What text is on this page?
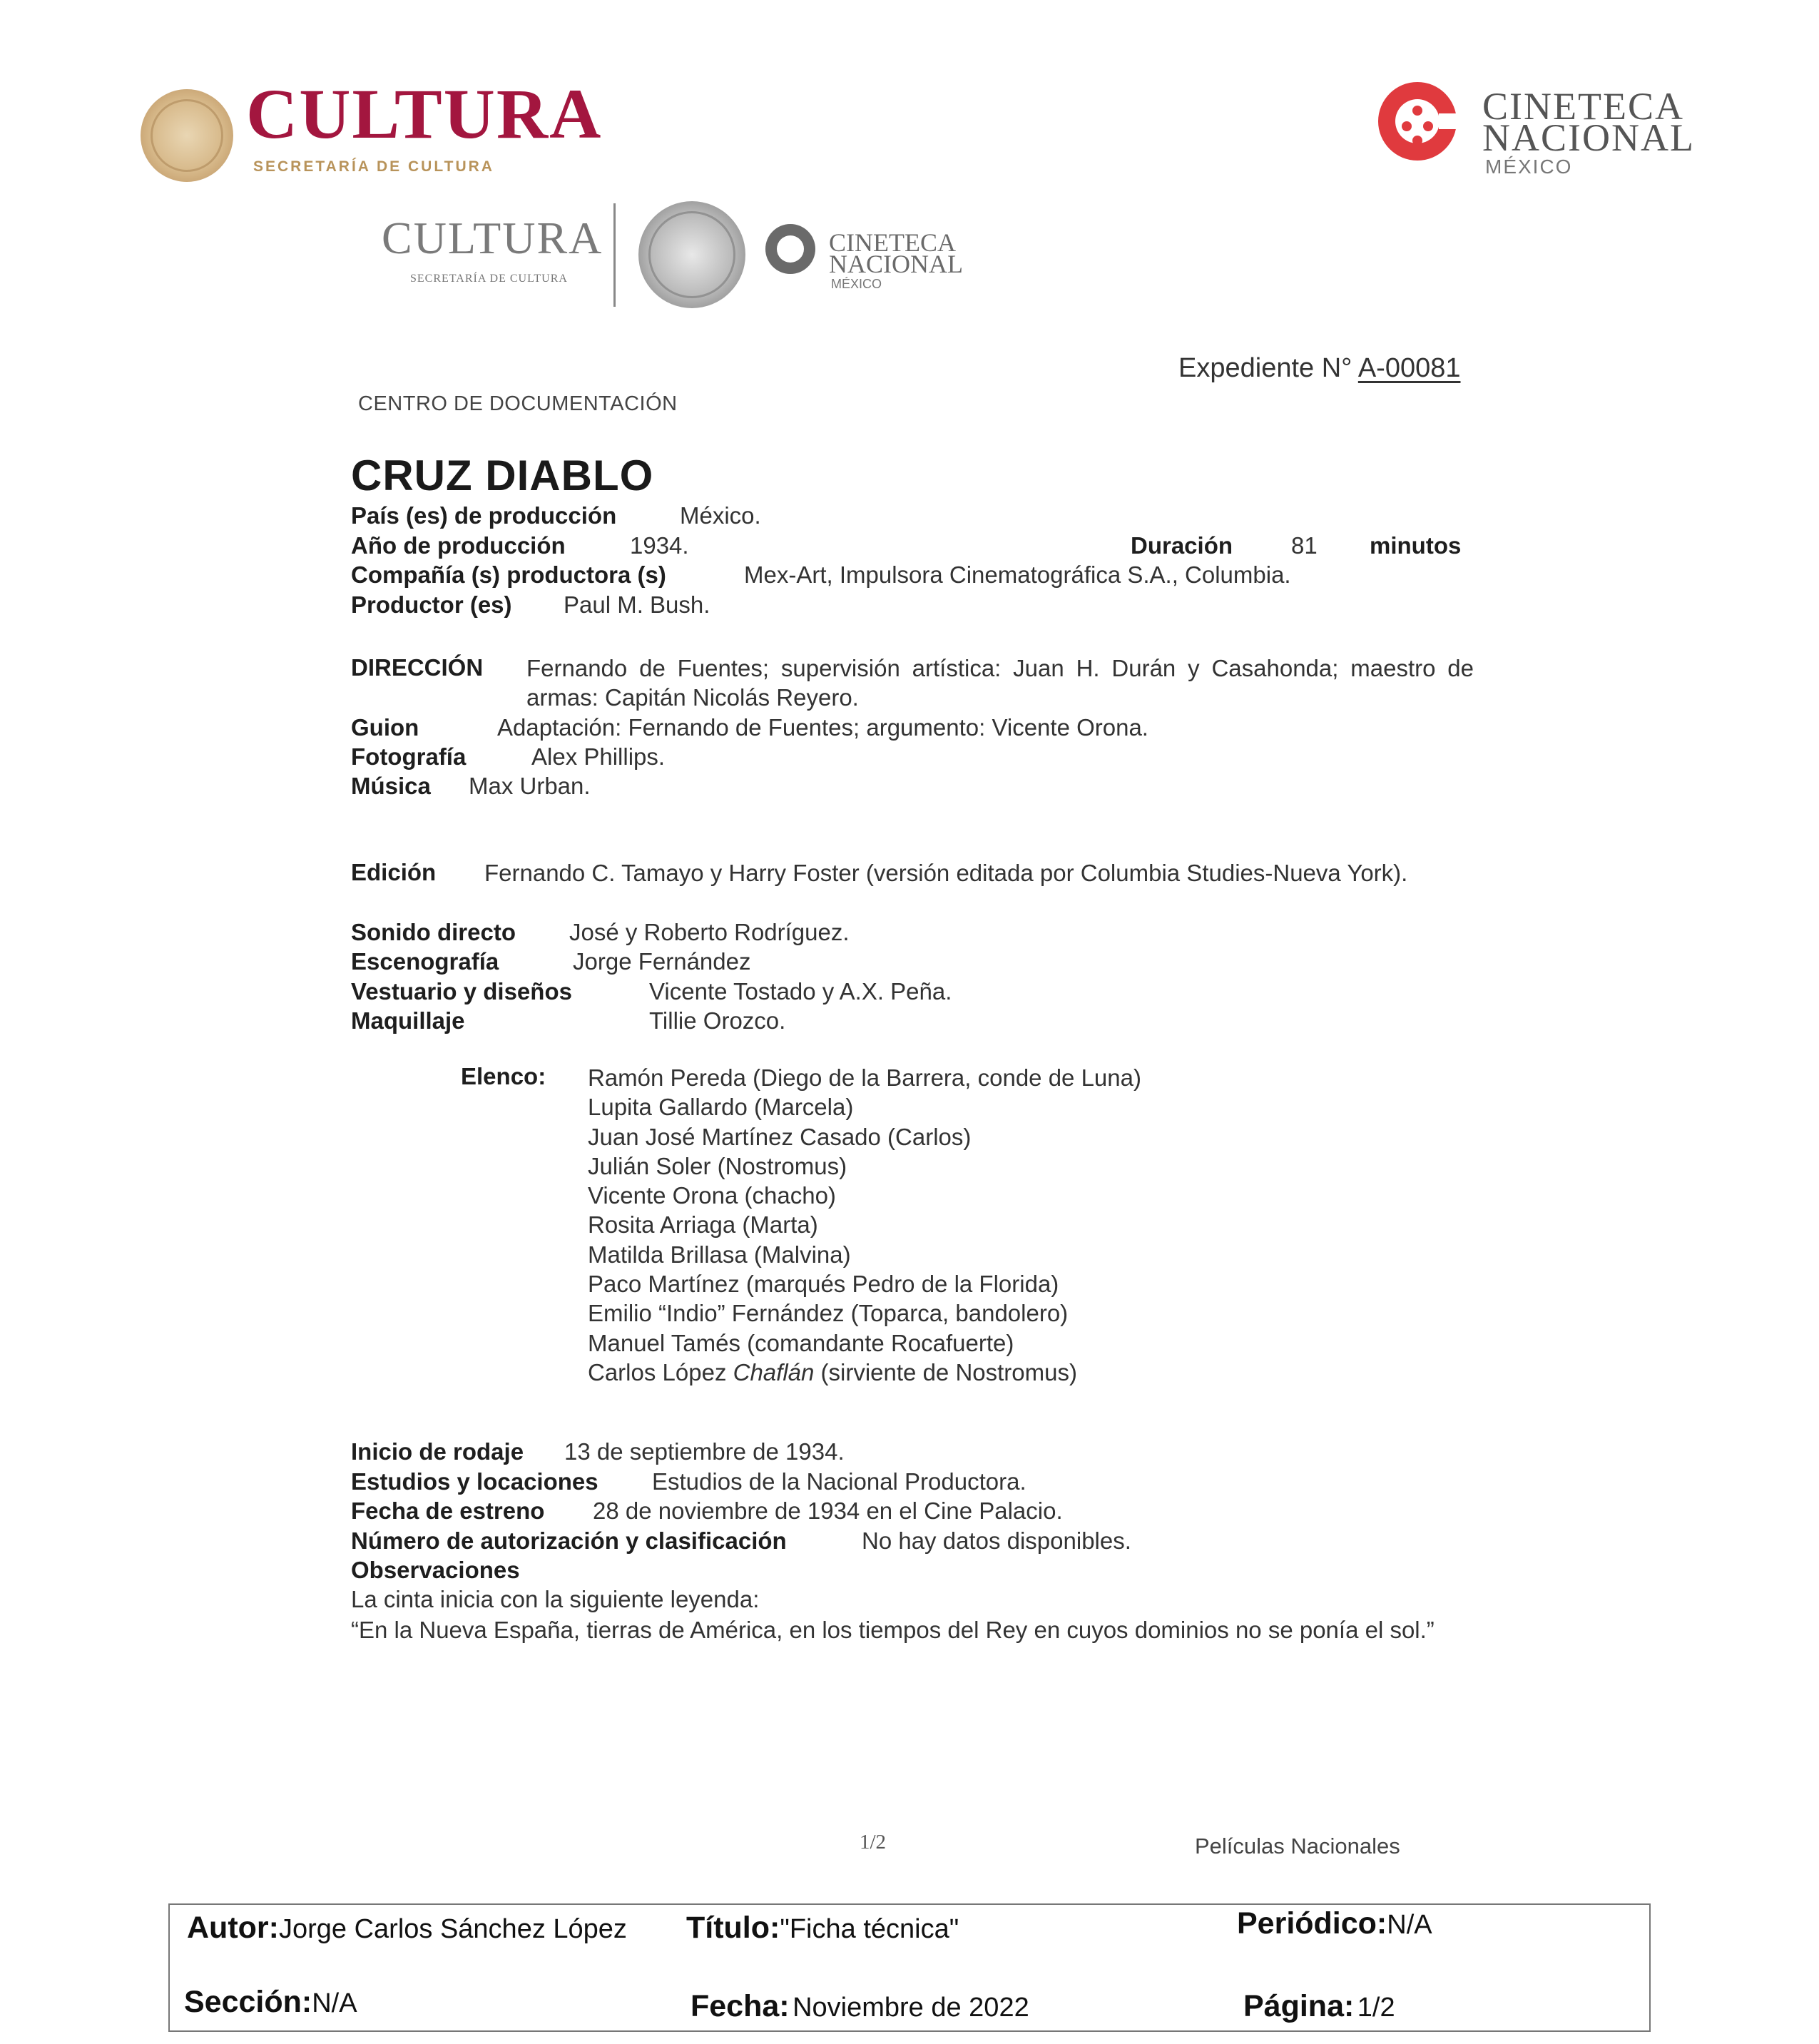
CULTURA
SECRETARÍA DE CULTURA
CINETECA
NACIONAL
MÉXICO
CULTURA
SECRETARÍA DE CULTURA
CINETECA
NACIONAL
MÉXICO
Expediente N° A-00081
CENTRO DE DOCUMENTACIÓN
CRUZ DIABLO
País (es) de producción	México.
Año de producción	1934.	Duración 81 minutos
Compañía (s) productora (s)	Mex-Art, Impulsora Cinematográfica S.A., Columbia.
Productor (es) Paul M. Bush.
DIRECCIÓN Fernando de Fuentes; supervisión artística: Juan H. Durán y Casahonda; maestro de armas: Capitán Nicolás Reyero.
Guion	Adaptación: Fernando de Fuentes; argumento: Vicente Orona.
Fotografía	Alex Phillips.
Música Max Urban.
Edición Fernando C. Tamayo y Harry Foster (versión editada por Columbia Studies-Nueva York).
Sonido directo José y Roberto Rodríguez.
Escenografía	Jorge Fernández
Vestuario y diseños	Vicente Tostado y A.X. Peña.
Maquillaje	Tillie Orozco.
Elenco: Ramón Pereda (Diego de la Barrera, conde de Luna)
Lupita Gallardo (Marcela)
Juan José Martínez Casado (Carlos)
Julián Soler (Nostromus)
Vicente Orona (chacho)
Rosita Arriaga (Marta)
Matilda Brillasa (Malvina)
Paco Martínez (marqués Pedro de la Florida)
Emilio “Indio” Fernández (Toparca, bandolero)
Manuel Tamés (comandante Rocafuerte)
Carlos López Chaflán (sirviente de Nostromus)
Inicio de rodaje 13 de septiembre de 1934.
Estudios y locaciones Estudios de la Nacional Productora.
Fecha de estreno 28 de noviembre de 1934 en el Cine Palacio.
Número de autorización y clasificación	No hay datos disponibles.
Observaciones
La cinta inicia con la siguiente leyenda:
“En la Nueva España, tierras de América, en los tiempos del Rey en cuyos dominios no se ponía el sol.”
1/2	Películas Nacionales
Autor:Jorge Carlos Sánchez López Título:"Ficha técnica"	Periódico:N/A
Sección:N/A	Fecha: Noviembre de 2022	Página: 1/2
